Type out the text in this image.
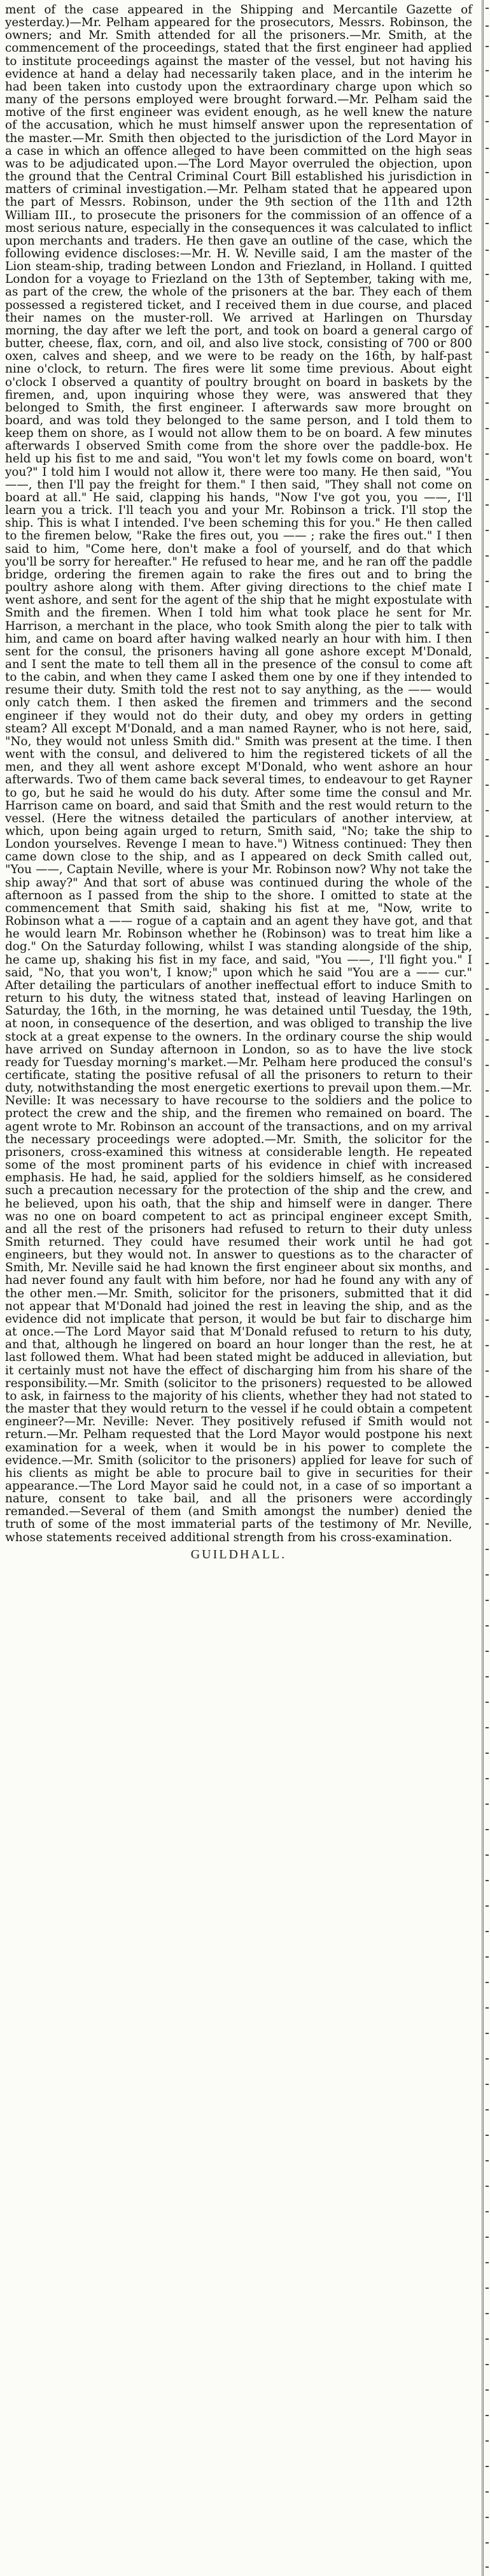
ment of the case appeared in the Shipping and Mercantile Gazette of yesterday.)—Mr. Pelham appeared for the prosecutors, Messrs. Robinson, the owners; and Mr. Smith attended for all the prisoners.—Mr. Smith, at the commencement of the proceedings, stated that the first engineer had applied to institute proceedings against the master of the vessel, but not having his evidence at hand a delay had necessarily taken place, and in the interim he had been taken into custody upon the extraordinary charge upon which so many of the persons employed were brought forward.—Mr. Pelham said the motive of the first engineer was evident enough, as he well knew the nature of the accusation, which he must himself answer upon the representation of the master.—Mr. Smith then objected to the jurisdiction of the Lord Mayor in a case in which an offence alleged to have been committed on the high seas was to be adjudicated upon.—The Lord Mayor overruled the objection, upon the ground that the Central Criminal Court Bill established his jurisdiction in matters of criminal investigation.—Mr. Pelham stated that he appeared upon the part of Messrs. Robinson, under the 9th section of the 11th and 12th William III., to prosecute the prisoners for the commission of an offence of a most serious nature, especially in the consequences it was calculated to inflict upon merchants and traders. He then gave an outline of the case, which the following evidence discloses:—Mr. H. W. Neville said, I am the master of the Lion steam-ship, trading between London and Friezland, in Holland. I quitted London for a voyage to Friezland on the 13th of September, taking with me, as part of the crew, the whole of the prisoners at the bar. They each of them possessed a registered ticket, and I received them in due course, and placed their names on the muster-roll. We arrived at Harlingen on Thursday morning, the day after we left the port, and took on board a general cargo of butter, cheese, flax, corn, and oil, and also live stock, consisting of 700 or 800 oxen, calves and sheep, and we were to be ready on the 16th, by half-past nine o'clock, to return. The fires were lit some time previous. About eight o'clock I observed a quantity of poultry brought on board in baskets by the firemen, and, upon inquiring whose they were, was answered that they belonged to Smith, the first engineer. I afterwards saw more brought on board, and was told they belonged to the same person, and I told them to keep them on shore, as I would not allow them to be on board. A few minutes afterwards I observed Smith come from the shore over the paddle-box. He held up his fist to me and said, "You won't let my fowls come on board, won't you?" I told him I would not allow it, there were too many. He then said, "You ——, then I'll pay the freight for them." I then said, "They shall not come on board at all." He said, clapping his hands, "Now I've got you, you ——, I'll learn you a trick. I'll teach you and your Mr. Robinson a trick. I'll stop the ship. This is what I intended. I've been scheming this for you." He then called to the firemen below, "Rake the fires out, you —— ; rake the fires out." I then said to him, "Come here, don't make a fool of yourself, and do that which you'll be sorry for hereafter." He refused to hear me, and he ran off the paddle bridge, ordering the firemen again to rake the fires out and to bring the poultry ashore along with them. After giving directions to the chief mate I went ashore, and sent for the agent of the ship that he might expostulate with Smith and the firemen. When I told him what took place he sent for Mr. Harrison, a merchant in the place, who took Smith along the pier to talk with him, and came on board after having walked nearly an hour with him. I then sent for the consul, the prisoners having all gone ashore except M'Donald, and I sent the mate to tell them all in the presence of the consul to come aft to the cabin, and when they came I asked them one by one if they intended to resume their duty. Smith told the rest not to say anything, as the —— would only catch them. I then asked the firemen and trimmers and the second engineer if they would not do their duty, and obey my orders in getting steam? All except M'Donald, and a man named Rayner, who is not here, said, "No, they would not unless Smith did." Smith was present at the time. I then went with the consul, and delivered to him the registered tickets of all the men, and they all went ashore except M'Donald, who went ashore an hour afterwards. Two of them came back several times, to endeavour to get Rayner to go, but he said he would do his duty. After some time the consul and Mr. Harrison came on board, and said that Smith and the rest would return to the vessel. (Here the witness detailed the particulars of another interview, at which, upon being again urged to return, Smith said, "No; take the ship to London yourselves. Revenge I mean to have.") Witness continued: They then came down close to the ship, and as I appeared on deck Smith called out, "You ——, Captain Neville, where is your Mr. Robinson now? Why not take the ship away?" And that sort of abuse was continued during the whole of the afternoon as I passed from the ship to the shore. I omitted to state at the commencement that Smith said, shaking his fist at me, "Now, write to Robinson what a —— rogue of a captain and an agent they have got, and that he would learn Mr. Robinson whether he (Robinson) was to treat him like a dog." On the Saturday following, whilst I was standing alongside of the ship, he came up, shaking his fist in my face, and said, "You ——, I'll fight you." I said, "No, that you won't, I know;" upon which he said "You are a —— cur." After detailing the particulars of another ineffectual effort to induce Smith to return to his duty, the witness stated that, instead of leaving Harlingen on Saturday, the 16th, in the morning, he was detained until Tuesday, the 19th, at noon, in consequence of the desertion, and was obliged to tranship the live stock at a great expense to the owners. In the ordinary course the ship would have arrived on Sunday afternoon in London, so as to have the live stock ready for Tuesday morning's market.—Mr. Pelham here produced the consul's certificate, stating the positive refusal of all the prisoners to return to their duty, notwithstanding the most energetic exertions to prevail upon them.—Mr. Neville: It was necessary to have recourse to the soldiers and the police to protect the crew and the ship, and the firemen who remained on board. The agent wrote to Mr. Robinson an account of the transactions, and on my arrival the necessary proceedings were adopted.—Mr. Smith, the solicitor for the prisoners, cross-examined this witness at considerable length. He repeated some of the most prominent parts of his evidence in chief with increased emphasis. He had, he said, applied for the soldiers himself, as he considered such a precaution necessary for the protection of the ship and the crew, and he believed, upon his oath, that the ship and himself were in danger. There was no one on board competent to act as principal engineer except Smith, and all the rest of the prisoners had refused to return to their duty unless Smith returned. They could have resumed their work until he had got engineers, but they would not. In answer to questions as to the character of Smith, Mr. Neville said he had known the first engineer about six months, and had never found any fault with him before, nor had he found any with any of the other men.—Mr. Smith, solicitor for the prisoners, submitted that it did not appear that M'Donald had joined the rest in leaving the ship, and as the evidence did not implicate that person, it would be but fair to discharge him at once.—The Lord Mayor said that M'Donald refused to return to his duty, and that, although he lingered on board an hour longer than the rest, he at last followed them. What had been stated might be adduced in alleviation, but it certainly must not have the effect of discharging him from his share of the responsibility.—Mr. Smith (solicitor to the prisoners) requested to be allowed to ask, in fairness to the majority of his clients, whether they had not stated to the master that they would return to the vessel if he could obtain a competent engineer?—Mr. Neville: Never. They positively refused if Smith would not return.—Mr. Pelham requested that the Lord Mayor would postpone his next examination for a week, when it would be in his power to complete the evidence.—Mr. Smith (solicitor to the prisoners) applied for leave for such of his clients as might be able to procure bail to give in securities for their appearance.—The Lord Mayor said he could not, in a case of so important a nature, consent to take bail, and all the prisoners were accordingly remanded.—Several of them (and Smith amongst the number) denied the truth of some of the most immaterial parts of the testimony of Mr. Neville, whose statements received additional strength from his cross-examination.

GUILDHALL.
